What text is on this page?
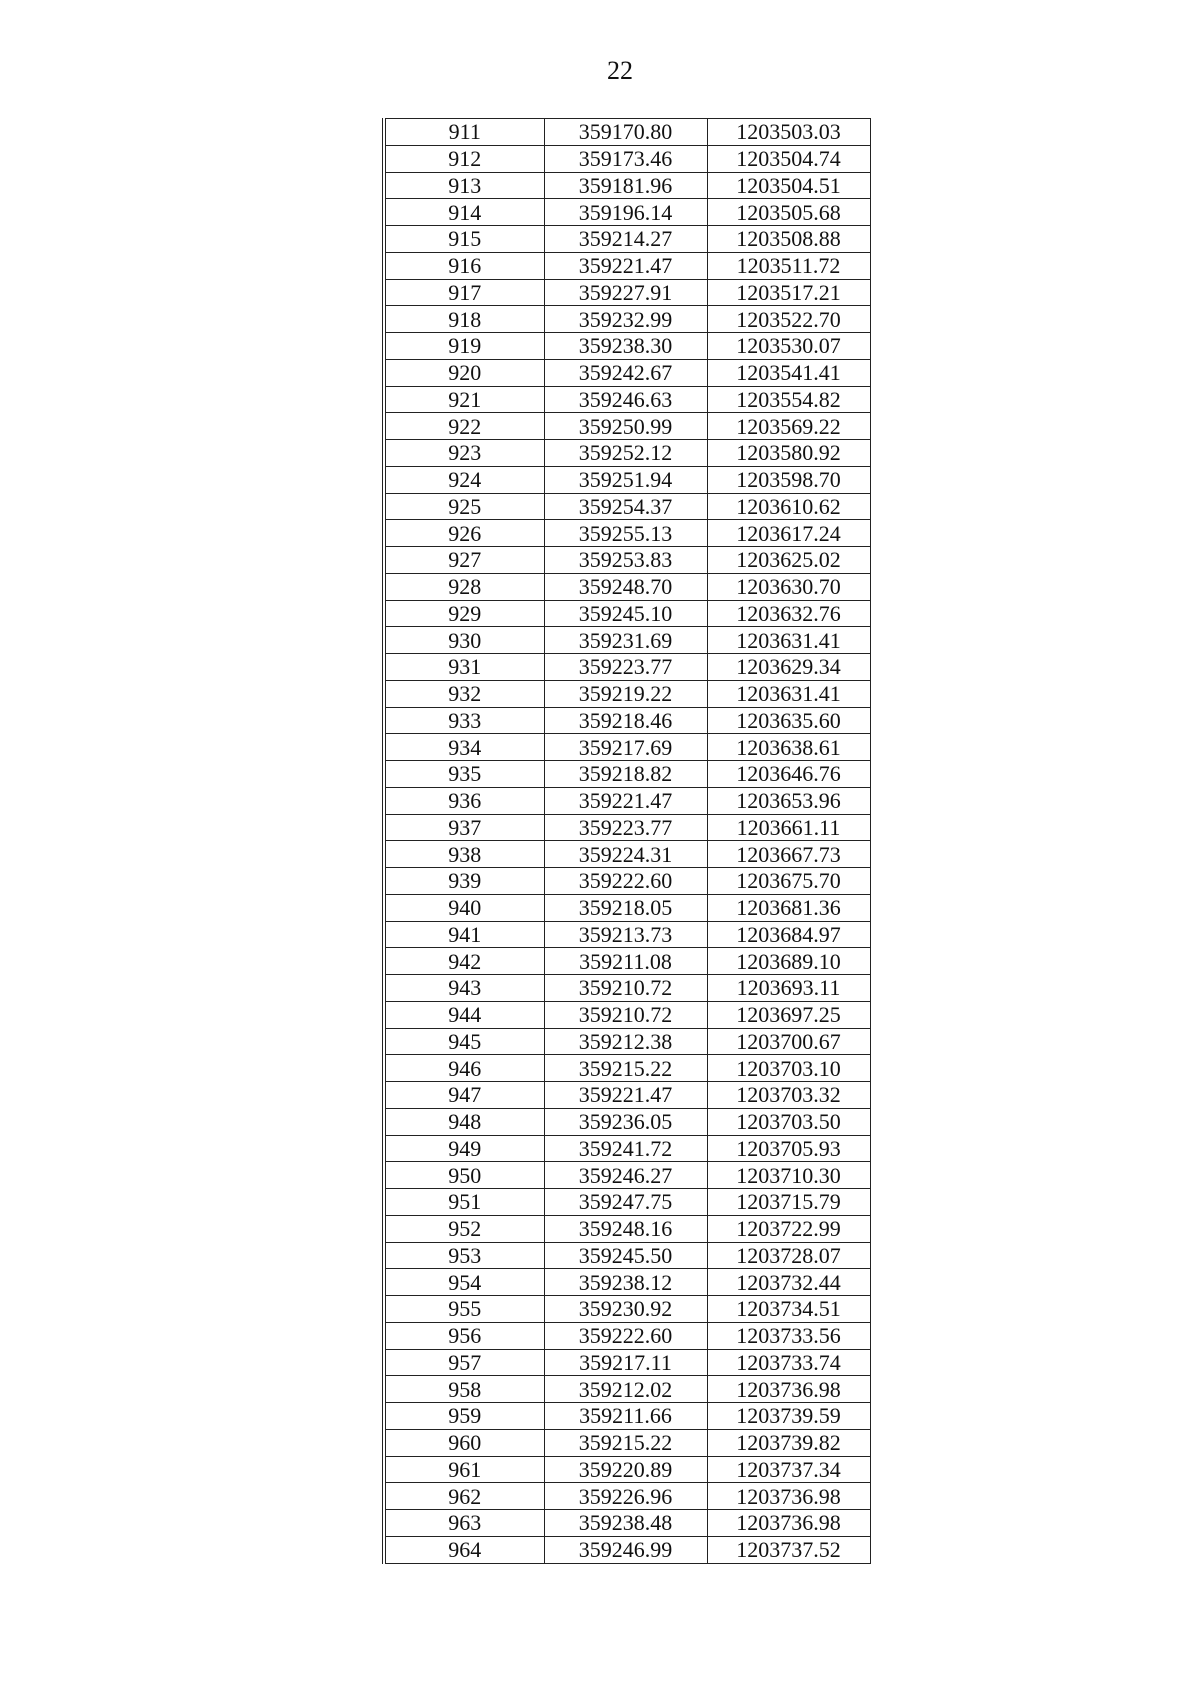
22
911	359170.80	1203503.03
912	359173.46	1203504.74
913	359181.96	1203504.51
914	359196.14	1203505.68
915	359214.27	1203508.88
916	359221.47	1203511.72
917	359227.91	1203517.21
918	359232.99	1203522.70
919	359238.30	1203530.07
920	359242.67	1203541.41
921	359246.63	1203554.82
922	359250.99	1203569.22
923	359252.12	1203580.92
924	359251.94	1203598.70
925	359254.37	1203610.62
926	359255.13	1203617.24
927	359253.83	1203625.02
928	359248.70	1203630.70
929	359245.10	1203632.76
930	359231.69	1203631.41
931	359223.77	1203629.34
932	359219.22	1203631.41
933	359218.46	1203635.60
934	359217.69	1203638.61
935	359218.82	1203646.76
936	359221.47	1203653.96
937	359223.77	1203661.11
938	359224.31	1203667.73
939	359222.60	1203675.70
940	359218.05	1203681.36
941	359213.73	1203684.97
942	359211.08	1203689.10
943	359210.72	1203693.11
944	359210.72	1203697.25
945	359212.38	1203700.67
946	359215.22	1203703.10
947	359221.47	1203703.32
948	359236.05	1203703.50
949	359241.72	1203705.93
950	359246.27	1203710.30
951	359247.75	1203715.79
952	359248.16	1203722.99
953	359245.50	1203728.07
954	359238.12	1203732.44
955	359230.92	1203734.51
956	359222.60	1203733.56
957	359217.11	1203733.74
958	359212.02	1203736.98
959	359211.66	1203739.59
960	359215.22	1203739.82
961	359220.89	1203737.34
962	359226.96	1203736.98
963	359238.48	1203736.98
964	359246.99	1203737.52
